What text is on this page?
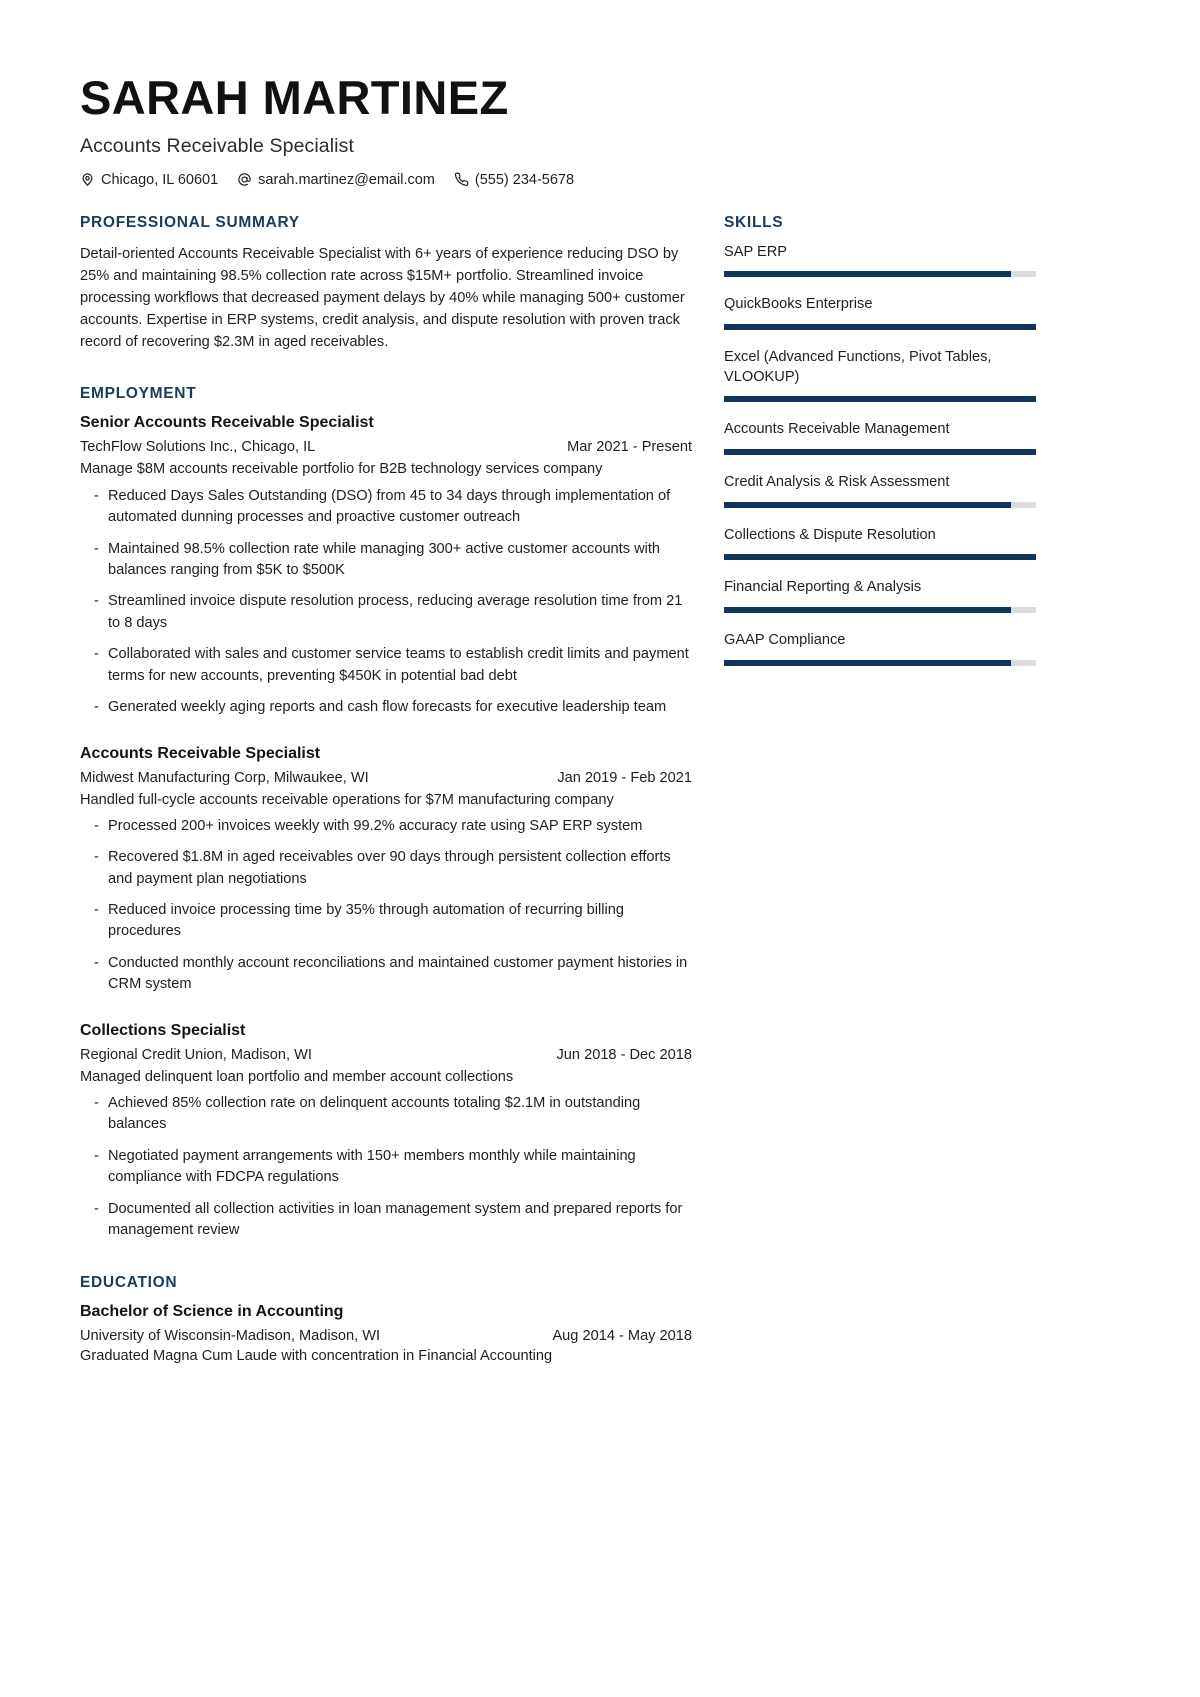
SARAH MARTINEZ
Accounts Receivable Specialist
Chicago, IL 60601	sarah.martinez@email.com	(555) 234-5678
PROFESSIONAL SUMMARY
Detail-oriented Accounts Receivable Specialist with 6+ years of experience reducing DSO by 25% and maintaining 98.5% collection rate across $15M+ portfolio. Streamlined invoice processing workflows that decreased payment delays by 40% while managing 500+ customer accounts. Expertise in ERP systems, credit analysis, and dispute resolution with proven track record of recovering $2.3M in aged receivables.
EMPLOYMENT
Senior Accounts Receivable Specialist
TechFlow Solutions Inc., Chicago, IL	Mar 2021 - Present
Manage $8M accounts receivable portfolio for B2B technology services company
- Reduced Days Sales Outstanding (DSO) from 45 to 34 days through implementation of automated dunning processes and proactive customer outreach
- Maintained 98.5% collection rate while managing 300+ active customer accounts with balances ranging from $5K to $500K
- Streamlined invoice dispute resolution process, reducing average resolution time from 21 to 8 days
- Collaborated with sales and customer service teams to establish credit limits and payment terms for new accounts, preventing $450K in potential bad debt
- Generated weekly aging reports and cash flow forecasts for executive leadership team
Accounts Receivable Specialist
Midwest Manufacturing Corp, Milwaukee, WI	Jan 2019 - Feb 2021
Handled full-cycle accounts receivable operations for $7M manufacturing company
- Processed 200+ invoices weekly with 99.2% accuracy rate using SAP ERP system
- Recovered $1.8M in aged receivables over 90 days through persistent collection efforts and payment plan negotiations
- Reduced invoice processing time by 35% through automation of recurring billing procedures
- Conducted monthly account reconciliations and maintained customer payment histories in CRM system
Collections Specialist
Regional Credit Union, Madison, WI	Jun 2018 - Dec 2018
Managed delinquent loan portfolio and member account collections
- Achieved 85% collection rate on delinquent accounts totaling $2.1M in outstanding balances
- Negotiated payment arrangements with 150+ members monthly while maintaining compliance with FDCPA regulations
- Documented all collection activities in loan management system and prepared reports for management review
EDUCATION
Bachelor of Science in Accounting
University of Wisconsin-Madison, Madison, WI	Aug 2014 - May 2018
Graduated Magna Cum Laude with concentration in Financial Accounting
SKILLS
SAP ERP
QuickBooks Enterprise
Excel (Advanced Functions, Pivot Tables, VLOOKUP)
Accounts Receivable Management
Credit Analysis & Risk Assessment
Collections & Dispute Resolution
Financial Reporting & Analysis
GAAP Compliance
